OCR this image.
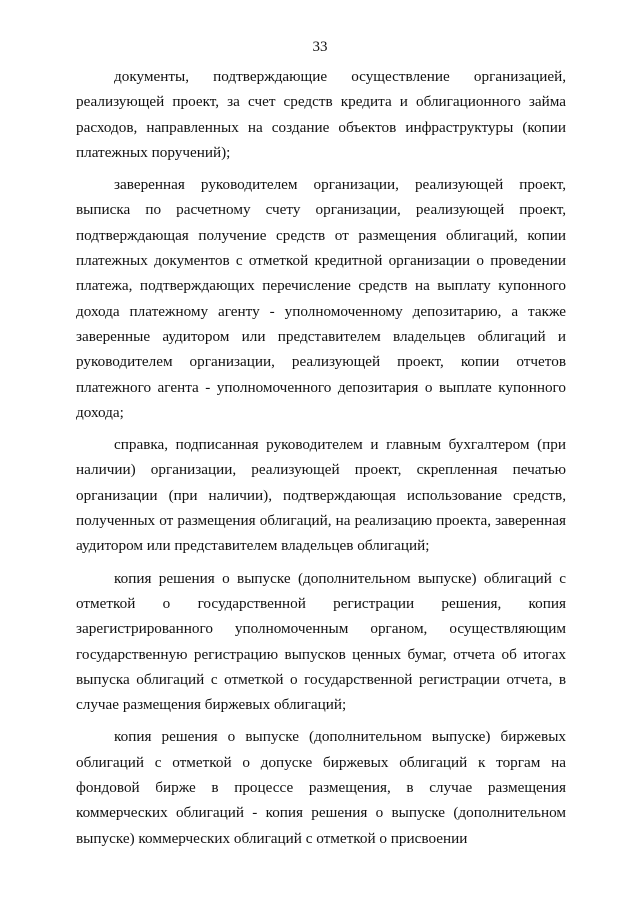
33

документы, подтверждающие осуществление организацией, реализующей проект, за счет средств кредита и облигационного займа расходов, направленных на создание объектов инфраструктуры (копии платежных поручений);

заверенная руководителем организации, реализующей проект, выписка по расчетному счету организации, реализующей проект, подтверждающая получение средств от размещения облигаций, копии платежных документов с отметкой кредитной организации о проведении платежа, подтверждающих перечисление средств на выплату купонного дохода платежному агенту - уполномоченному депозитарию, а также заверенные аудитором или представителем владельцев облигаций и руководителем организации, реализующей проект, копии отчетов платежного агента - уполномоченного депозитария о выплате купонного дохода;

справка, подписанная руководителем и главным бухгалтером (при наличии) организации, реализующей проект, скрепленная печатью организации (при наличии), подтверждающая использование средств, полученных от размещения облигаций, на реализацию проекта, заверенная аудитором или представителем владельцев облигаций;

копия решения о выпуске (дополнительном выпуске) облигаций с отметкой о государственной регистрации решения, копия зарегистрированного уполномоченным органом, осуществляющим государственную регистрацию выпусков ценных бумаг, отчета об итогах выпуска облигаций с отметкой о государственной регистрации отчета, в случае размещения биржевых облигаций;

копия решения о выпуске (дополнительном выпуске) биржевых облигаций с отметкой о допуске биржевых облигаций к торгам на фондовой бирже в процессе размещения, в случае размещения коммерческих облигаций - копия решения о выпуске (дополнительном выпуске) коммерческих облигаций с отметкой о присвоении
